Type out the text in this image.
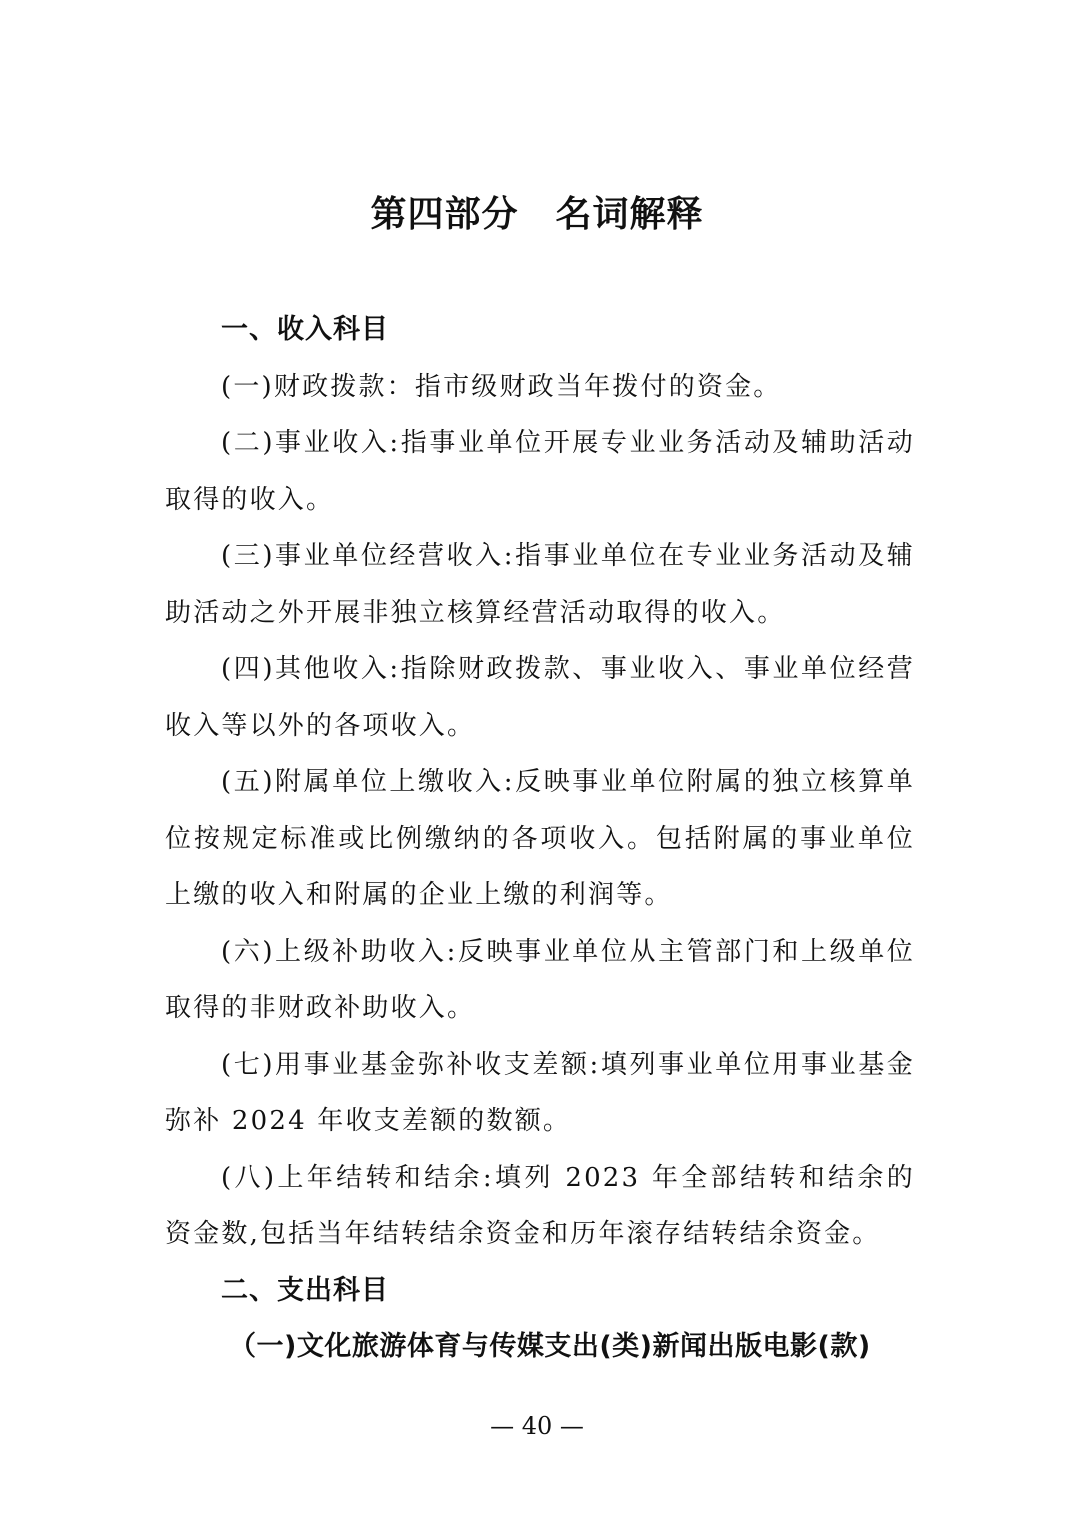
第四部分　名词解释
一、收入科目

(一)财政拨款：指市级财政当年拨付的资金。

(二)事业收入:指事业单位开展专业业务活动及辅助活动取得的收入。

(三)事业单位经营收入:指事业单位在专业业务活动及辅助活动之外开展非独立核算经营活动取得的收入。

(四)其他收入:指除财政拨款、事业收入、事业单位经营收入等以外的各项收入。

(五)附属单位上缴收入:反映事业单位附属的独立核算单位按规定标准或比例缴纳的各项收入。包括附属的事业单位上缴的收入和附属的企业上缴的利润等。

(六)上级补助收入:反映事业单位从主管部门和上级单位取得的非财政补助收入。

(七)用事业基金弥补收支差额:填列事业单位用事业基金弥补 2024 年收支差额的数额。

(八)上年结转和结余:填列 2023 年全部结转和结余的资金数,包括当年结转结余资金和历年滚存结转结余资金。

二、支出科目
（一)文化旅游体育与传媒支出(类)新闻出版电影(款)
— 40 —
